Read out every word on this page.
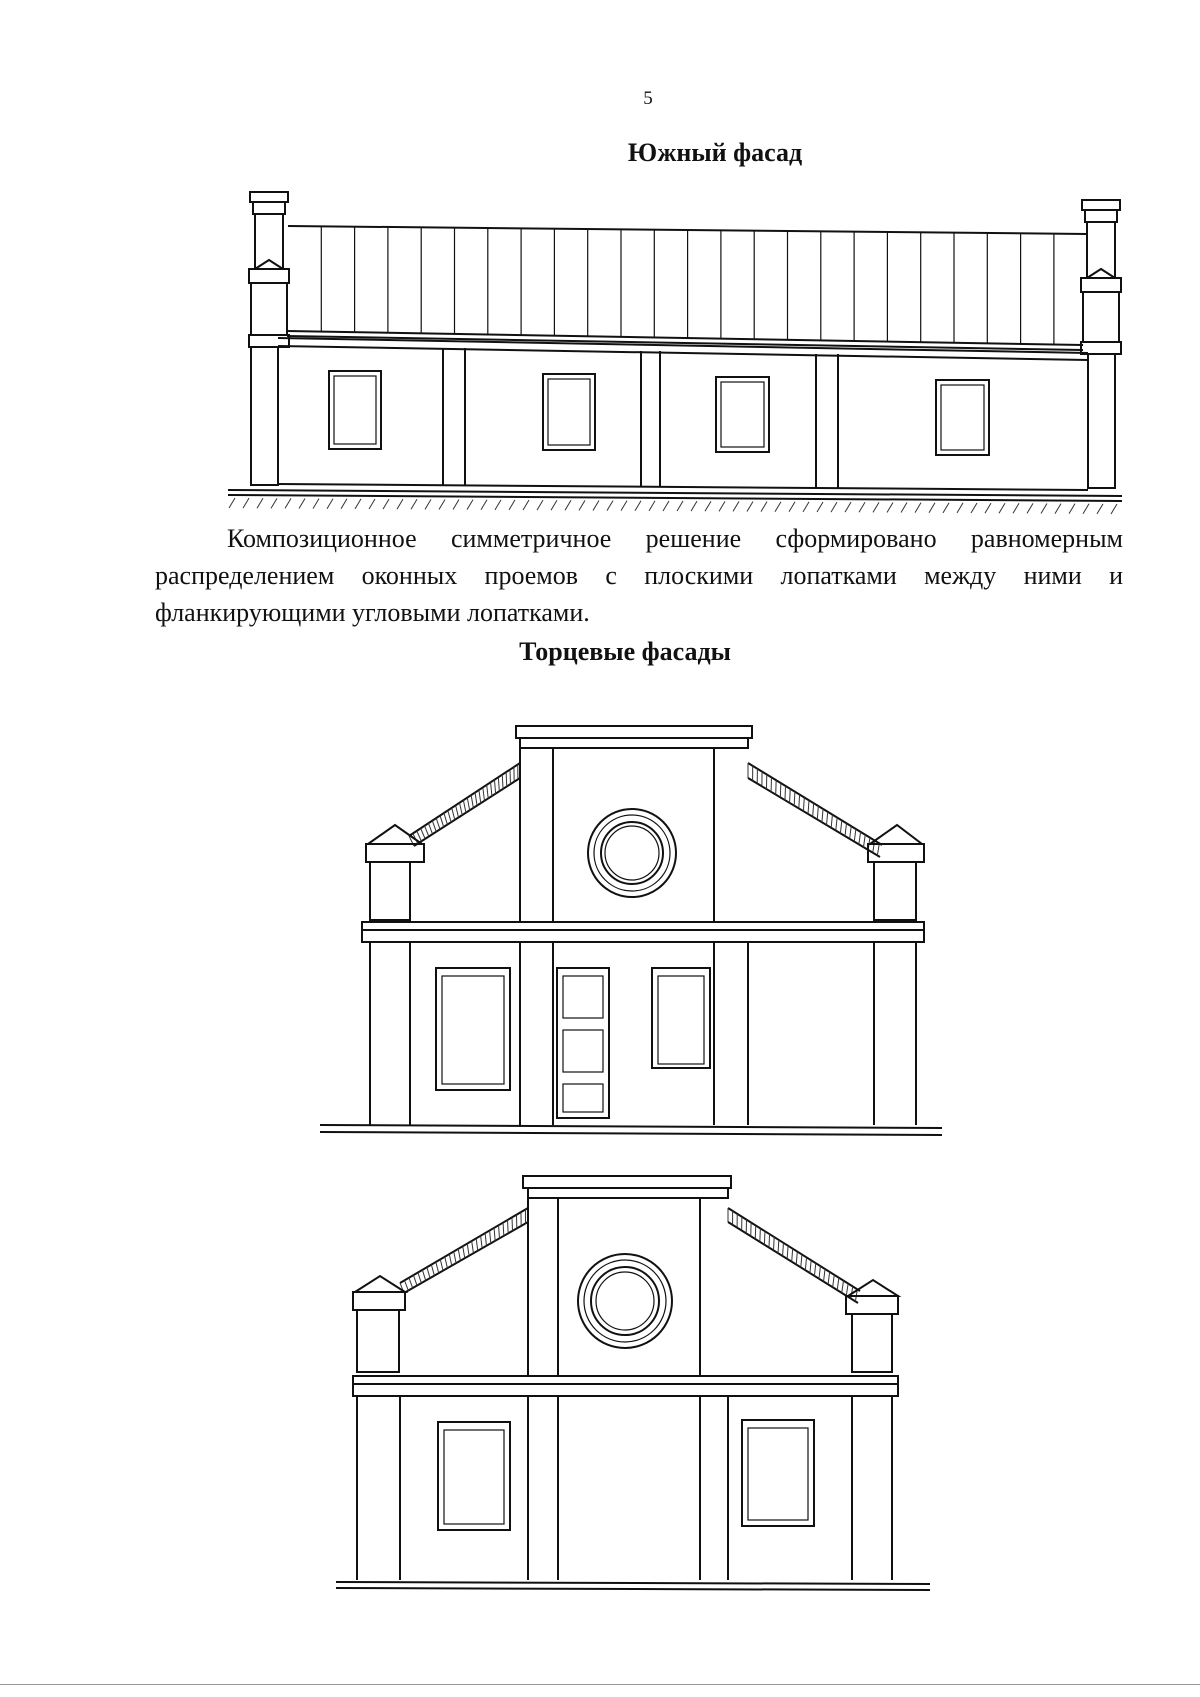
5
Южный фасад
Композиционное симметричное решение сформировано равномерным распределением оконных проемов с плоскими лопатками между ними и фланкирующими угловыми лопатками.
Торцевые фасады
